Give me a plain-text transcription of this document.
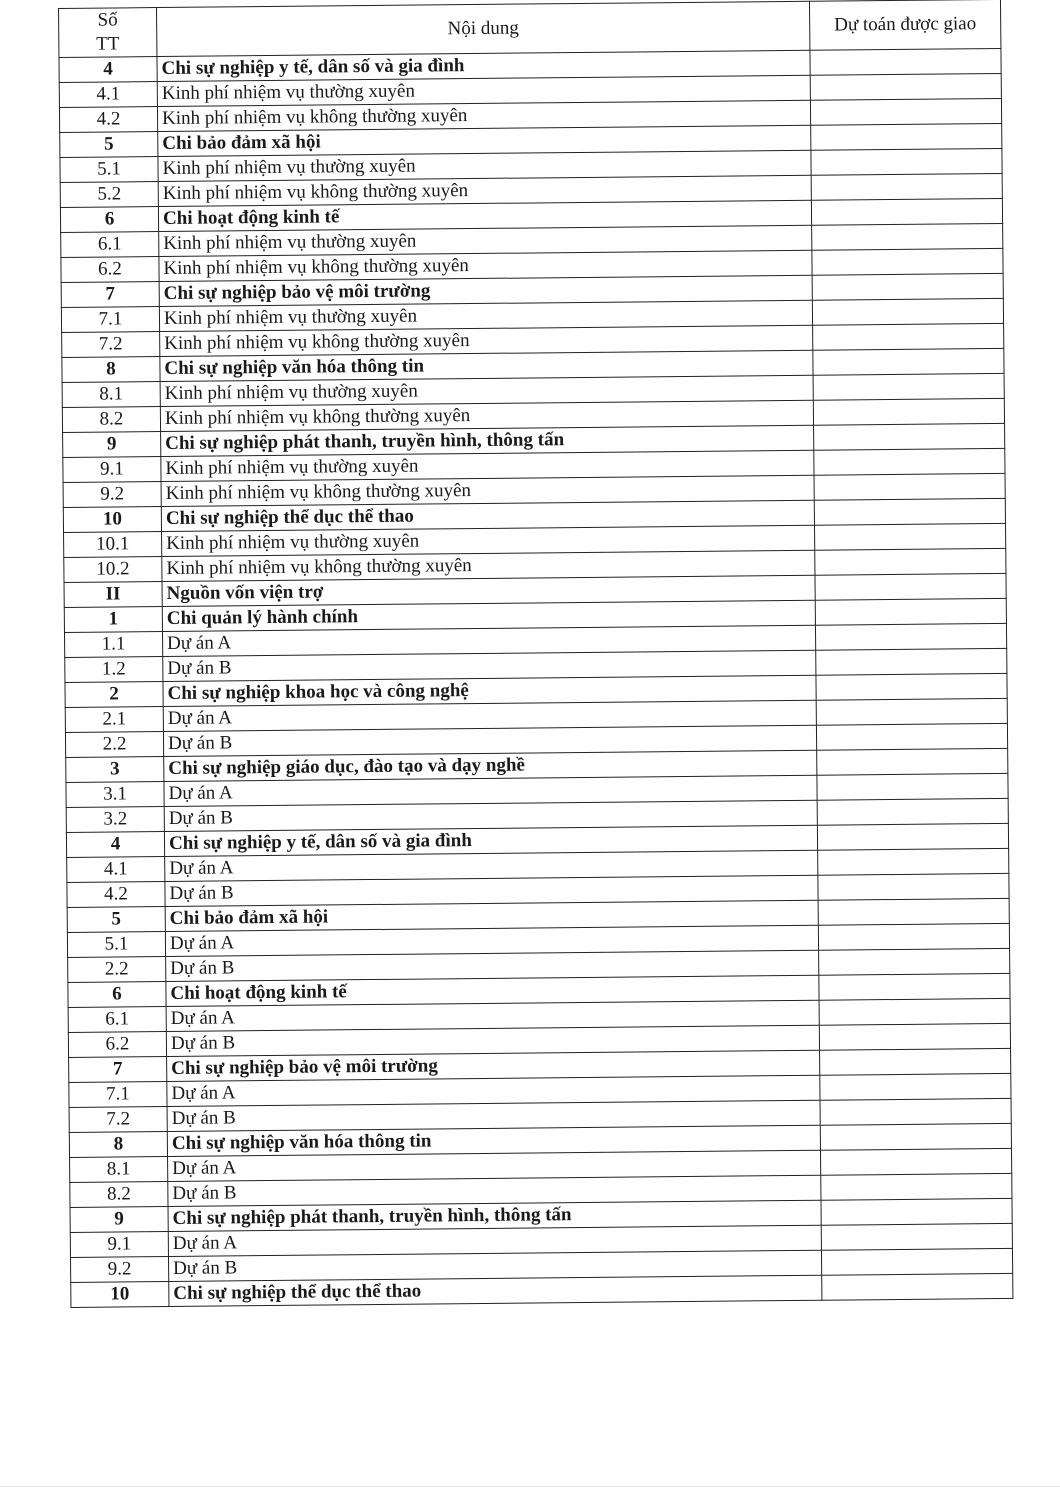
Số
TT	Nội dung	Dự toán được giao
4	Chi sự nghiệp y tế, dân số và gia đình	
4.1	Kinh phí nhiệm vụ thường xuyên	
4.2	Kinh phí nhiệm vụ không thường xuyên	
5	Chi bảo đảm xã hội	
5.1	Kinh phí nhiệm vụ thường xuyên	
5.2	Kinh phí nhiệm vụ không thường xuyên	
6	Chi hoạt động kinh tế	
6.1	Kinh phí nhiệm vụ thường xuyên	
6.2	Kinh phí nhiệm vụ không thường xuyên	
7	Chi sự nghiệp bảo vệ môi trường	
7.1	Kinh phí nhiệm vụ thường xuyên	
7.2	Kinh phí nhiệm vụ không thường xuyên	
8	Chi sự nghiệp văn hóa thông tin	
8.1	Kinh phí nhiệm vụ thường xuyên	
8.2	Kinh phí nhiệm vụ không thường xuyên	
9	Chi sự nghiệp phát thanh, truyền hình, thông tấn	
9.1	Kinh phí nhiệm vụ thường xuyên	
9.2	Kinh phí nhiệm vụ không thường xuyên	
10	Chi sự nghiệp thể dục thể thao	
10.1	Kinh phí nhiệm vụ thường xuyên	
10.2	Kinh phí nhiệm vụ không thường xuyên	
II	Nguồn vốn viện trợ	
1	Chi quản lý hành chính	
1.1	Dự án A	
1.2	Dự án B	
2	Chi sự nghiệp khoa học và công nghệ	
2.1	Dự án A	
2.2	Dự án B	
3	Chi sự nghiệp giáo dục, đào tạo và dạy nghề	
3.1	Dự án A	
3.2	Dự án B	
4	Chi sự nghiệp y tế, dân số và gia đình	
4.1	Dự án A	
4.2	Dự án B	
5	Chi bảo đảm xã hội	
5.1	Dự án A	
2.2	Dự án B	
6	Chi hoạt động kinh tế	
6.1	Dự án A	
6.2	Dự án B	
7	Chi sự nghiệp bảo vệ môi trường	
7.1	Dự án A	
7.2	Dự án B	
8	Chi sự nghiệp văn hóa thông tin	
8.1	Dự án A	
8.2	Dự án B	
9	Chi sự nghiệp phát thanh, truyền hình, thông tấn	
9.1	Dự án A	
9.2	Dự án B	
10	Chi sự nghiệp thể dục thể thao	
